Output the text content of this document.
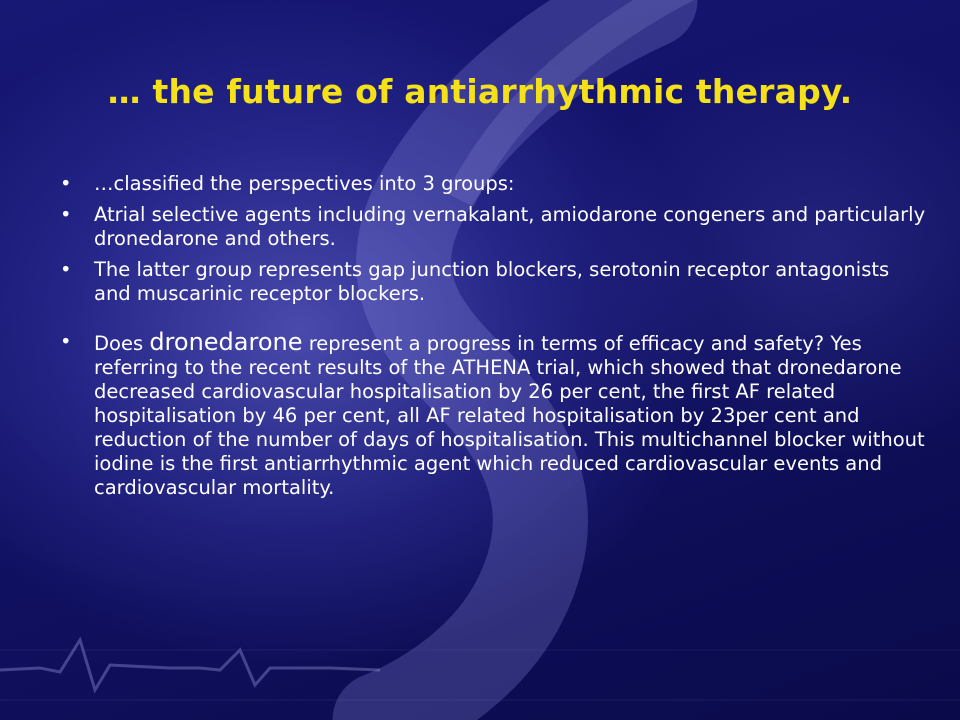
… the future of antiarrhythmic therapy.
•	…classified the perspectives into 3 groups:
•	Atrial selective agents including vernakalant, amiodarone congeners and particularly dronedarone and others.
•	The latter group represents gap junction blockers, serotonin receptor antagonists and muscarinic receptor blockers.
•	Does dronedarone represent a progress in terms of efficacy and safety? Yes referring to the recent results of the ATHENA trial, which showed that dronedarone decreased cardiovascular hospitalisation by 26 per cent, the first AF related hospitalisation by 46 per cent, all AF related hospitalisation by 23per cent and reduction of the number of days of hospitalisation. This multichannel blocker without iodine is the first antiarrhythmic agent which reduced cardiovascular events and cardiovascular mortality.
